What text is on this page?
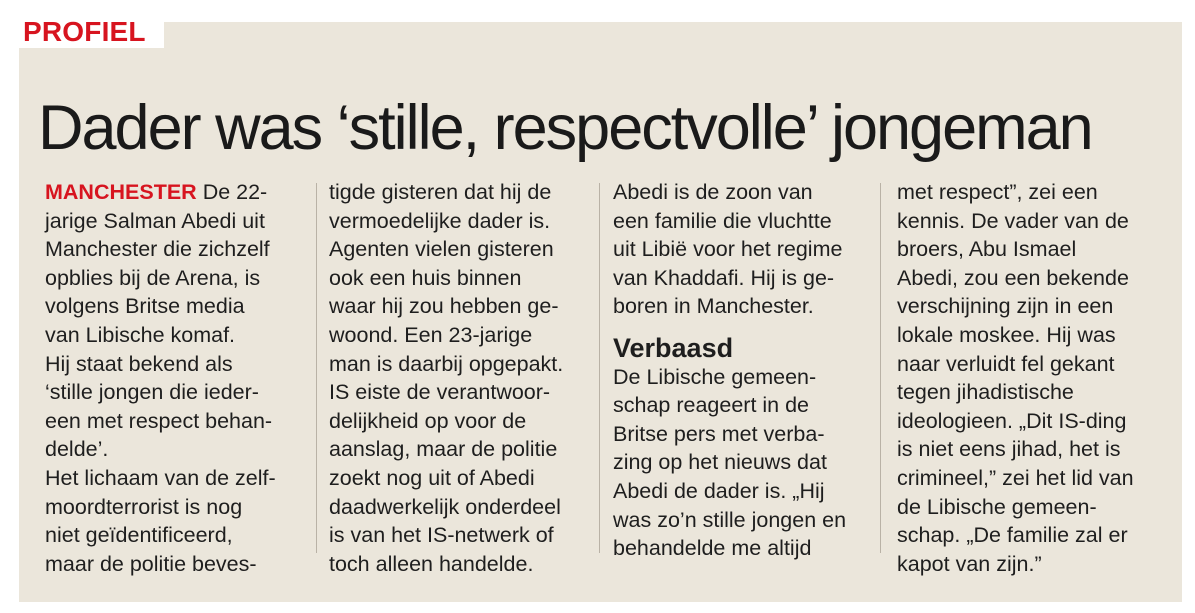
PROFIEL
Dader was ‘stille, respectvolle’ jongeman
MANCHESTER De 22-
jarige Salman Abedi uit
Manchester die zichzelf
opblies bij de Arena, is
volgens Britse media
van Libische komaf.
Hij staat bekend als
‘stille jongen die ieder-
een met respect behan-
delde’.
Het lichaam van de zelf-
moordterrorist is nog
niet geïdentificeerd,
maar de politie beves-
tigde gisteren dat hij de
vermoedelijke dader is.
Agenten vielen gisteren
ook een huis binnen
waar hij zou hebben ge-
woond. Een 23-jarige
man is daarbij opgepakt.
IS eiste de verantwoor-
delijkheid op voor de
aanslag, maar de politie
zoekt nog uit of Abedi
daadwerkelijk onderdeel
is van het IS-netwerk of
toch alleen handelde.
Abedi is de zoon van
een familie die vluchtte
uit Libië voor het regime
van Khaddafi. Hij is ge-
boren in Manchester.
Verbaasd
De Libische gemeen-
schap reageert in de
Britse pers met verba-
zing op het nieuws dat
Abedi de dader is. „Hij
was zo’n stille jongen en
behandelde me altijd
met respect”, zei een
kennis. De vader van de
broers, Abu Ismael
Abedi, zou een bekende
verschijning zijn in een
lokale moskee. Hij was
naar verluidt fel gekant
tegen jihadistische
ideologieen. „Dit IS-ding
is niet eens jihad, het is
crimineel,” zei het lid van
de Libische gemeen-
schap. „De familie zal er
kapot van zijn.”
